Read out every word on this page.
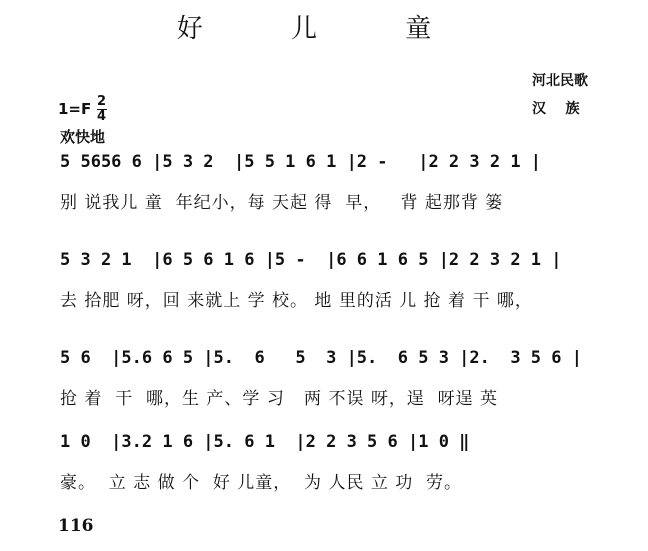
好 儿 童
河北民歌
汉    族
$1=F \frac{2}{4}$
欢快地
5 5656 6 |5 3 2  |5 5 1 6 1 |2 -   |2 2 3 2 1 |
别 说我儿 童  年纪小，每 天起 得  早，   背 起那背 篓
5 3 2 1  |6 5 6 1 6 |5 -  |6 6 1 6 5 |2 2 3 2 1 |
去 拾肥 呀，回 来就上 学 校。 地 里的活 儿 抢 着 干 哪，
5 6  |5.6 6 5 |5.  6   5  3 |5.  6 5 3 |2.  3 5 6 |
抢 着  干  哪，生 产、学 习   两 不误 呀，逞  呀逞 英
1 0  |3.2 1 6 |5. 6 1  |2 2 3 5 6 |1 0 ‖
豪。  立 志 做 个  好 儿童，  为 人民 立 功  劳。
116
